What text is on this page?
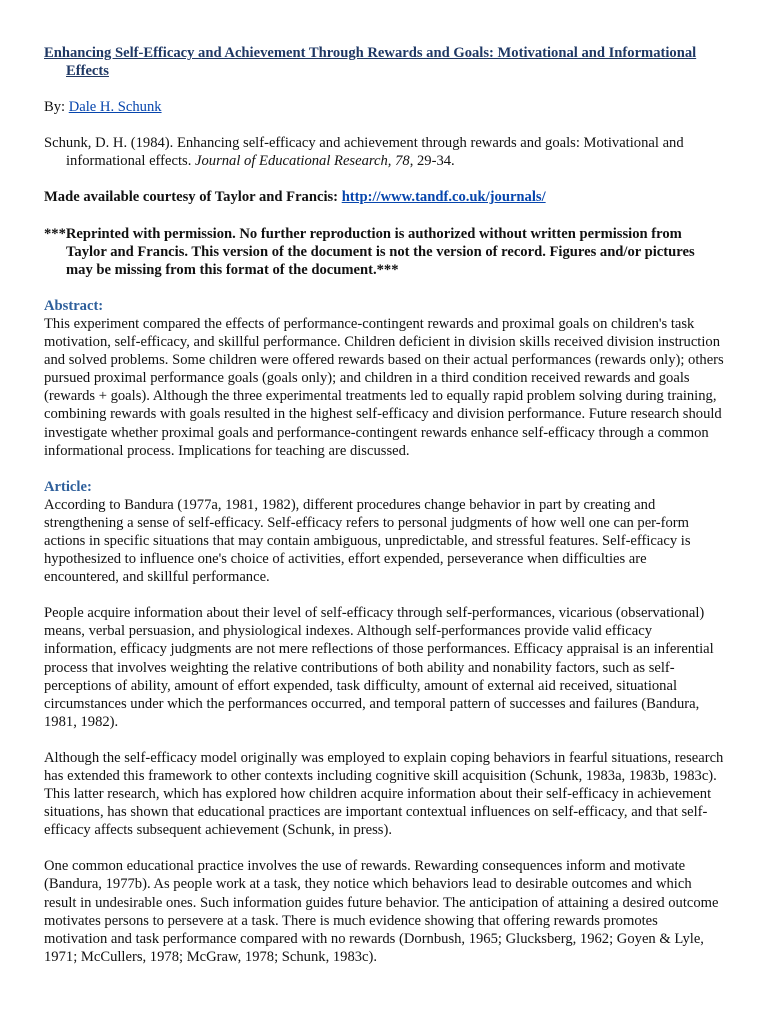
Enhancing Self-Efficacy and Achievement Through Rewards and Goals: Motivational and Informational Effects

By: Dale H. Schunk

Schunk, D. H. (1984). Enhancing self-efficacy and achievement through rewards and goals: Motivational and informational effects. Journal of Educational Research, 78, 29-34.

Made available courtesy of Taylor and Francis: http://www.tandf.co.uk/journals/

***Reprinted with permission. No further reproduction is authorized without written permission from Taylor and Francis. This version of the document is not the version of record. Figures and/or pictures may be missing from this format of the document.***

Abstract:

This experiment compared the effects of performance-contingent rewards and proximal goals on children's task motivation, self-efficacy, and skillful performance. Children deficient in division skills received division instruction and solved problems. Some children were offered rewards based on their actual performances (rewards only); others pursued proximal performance goals (goals only); and children in a third condition received rewards and goals (rewards + goals). Although the three experimental treatments led to equally rapid problem solving during training, combining rewards with goals resulted in the highest self-efficacy and division performance. Future research should investigate whether proximal goals and performance-contingent rewards enhance self-efficacy through a common informational process. Implications for teaching are discussed.

Article:

According to Bandura (1977a, 1981, 1982), different procedures change behavior in part by creating and strengthening a sense of self-efficacy. Self-efficacy refers to personal judgments of how well one can per-form actions in specific situations that may contain ambiguous, unpredictable, and stressful features. Self-efficacy is hypothesized to influence one's choice of activities, effort expended, perseverance when difficulties are encountered, and skillful performance.

People acquire information about their level of self-efficacy through self-performances, vicarious (observational) means, verbal persuasion, and physiological indexes. Although self-performances provide valid efficacy information, efficacy judgments are not mere reflections of those performances. Efficacy appraisal is an inferential process that involves weighting the relative contributions of both ability and nonability factors, such as self-perceptions of ability, amount of effort expended, task difficulty, amount of external aid received, situational circumstances under which the performances occurred, and temporal pattern of successes and failures (Bandura, 1981, 1982).

Although the self-efficacy model originally was employed to explain coping behaviors in fearful situations, research has extended this framework to other contexts including cognitive skill acquisition (Schunk, 1983a, 1983b, 1983c). This latter research, which has explored how children acquire information about their self-efficacy in achievement situations, has shown that educational practices are important contextual influences on self-efficacy, and that self-efficacy affects subsequent achievement (Schunk, in press).

One common educational practice involves the use of rewards. Rewarding consequences inform and motivate (Bandura, 1977b). As people work at a task, they notice which behaviors lead to desirable outcomes and which result in undesirable ones. Such information guides future behavior. The anticipation of attaining a desired outcome motivates persons to persevere at a task. There is much evidence showing that offering rewards promotes motivation and task performance compared with no rewards (Dornbush, 1965; Glucksberg, 1962; Goyen & Lyle, 1971; McCullers, 1978; McGraw, 1978; Schunk, 1983c).
